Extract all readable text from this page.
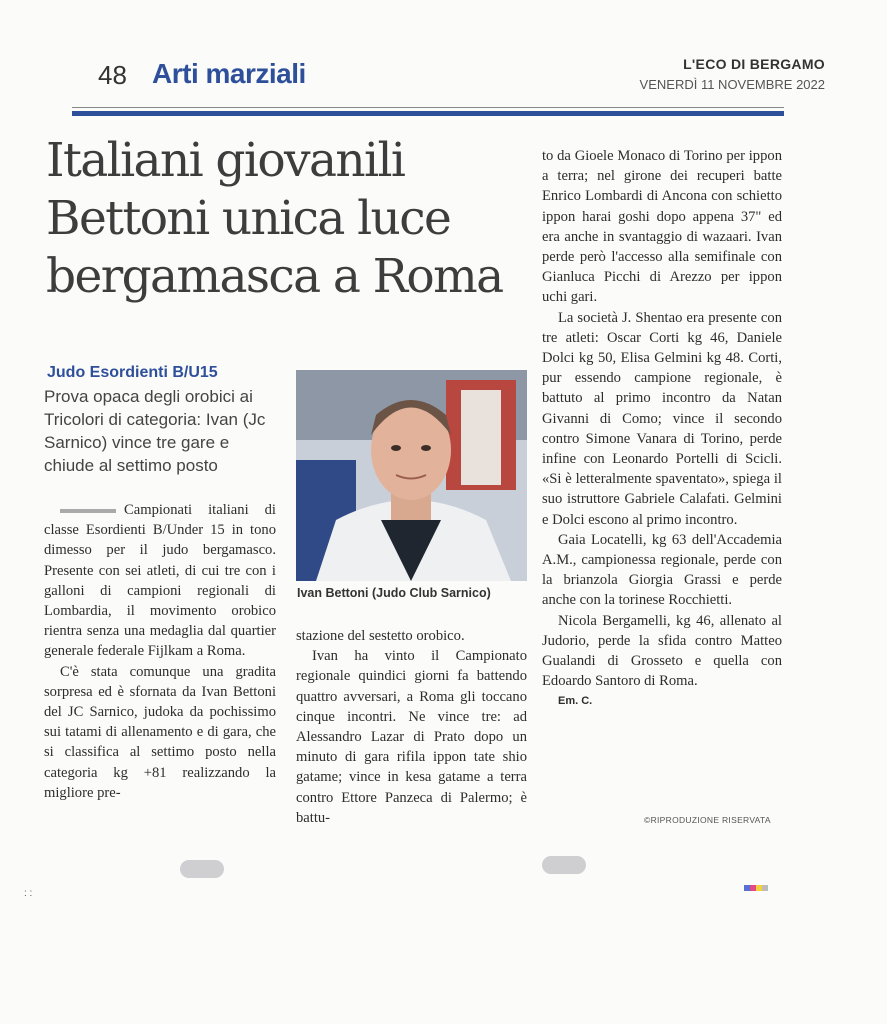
48 Arti marziali	L'ECO DI BERGAMO
VENERDÌ 11 NOVEMBRE 2022
Italiani giovanili
Bettoni unica luce
bergamasca a Roma
Judo Esordienti B/U15
Prova opaca degli orobici ai Tricolori di categoria: Ivan (Jc Sarnico) vince tre gare e chiude al settimo posto
Ivan Bettoni (Judo Club Sarnico)

Campionati italiani di classe Esordienti B/Under 15 in tono dimesso per il judo bergamasco. Presente con sei atleti, di cui tre con i galloni di campioni regionali di Lombardia, il movimento orobico rientra senza una medaglia dal quartier generale federale Fijlkam a Roma.

C'è stata comunque una gradita sorpresa ed è sfornata da Ivan Bettoni del JC Sarnico, judoka da pochissimo sui tatami di allenamento e di gara, che si classifica al settimo posto nella categoria kg +81 realizzando la migliore pre-

stazione del sestetto orobico.

Ivan ha vinto il Campionato regionale quindici giorni fa battendo quattro avversari, a Roma gli toccano cinque incontri. Ne vince tre: ad Alessandro Lazar di Prato dopo un minuto di gara rifila ippon tate shio gatame; vince in kesa gatame a terra contro Ettore Panzeca di Palermo; è battu-

to da Gioele Monaco di Torino per ippon a terra; nel girone dei recuperi batte Enrico Lombardi di Ancona con schietto ippon harai goshi dopo appena 37" ed era anche in svantaggio di wazaari. Ivan perde però l'accesso alla semifinale con Gianluca Picchi di Arezzo per ippon uchi gari.

La società J. Shentao era presente con tre atleti: Oscar Corti kg 46, Daniele Dolci kg 50, Elisa Gelmini kg 48. Corti, pur essendo campione regionale, è battuto al primo incontro da Natan Givanni di Como; vince il secondo contro Simone Vanara di Torino, perde infine con Leonardo Portelli di Scicli. «Si è letteralmente spaventato», spiega il suo istruttore Gabriele Calafati. Gelmini e Dolci escono al primo incontro.

Gaia Locatelli, kg 63 dell'Accademia A.M., campionessa regionale, perde con la brianzola Giorgia Grassi e perde anche con la torinese Rocchietti.

Nicola Bergamelli, kg 46, allenato al Judorio, perde la sfida contro Matteo Gualandi di Grosseto e quella con Edoardo Santoro di Roma.

Em. C.

©RIPRODUZIONE RISERVATA
: :
